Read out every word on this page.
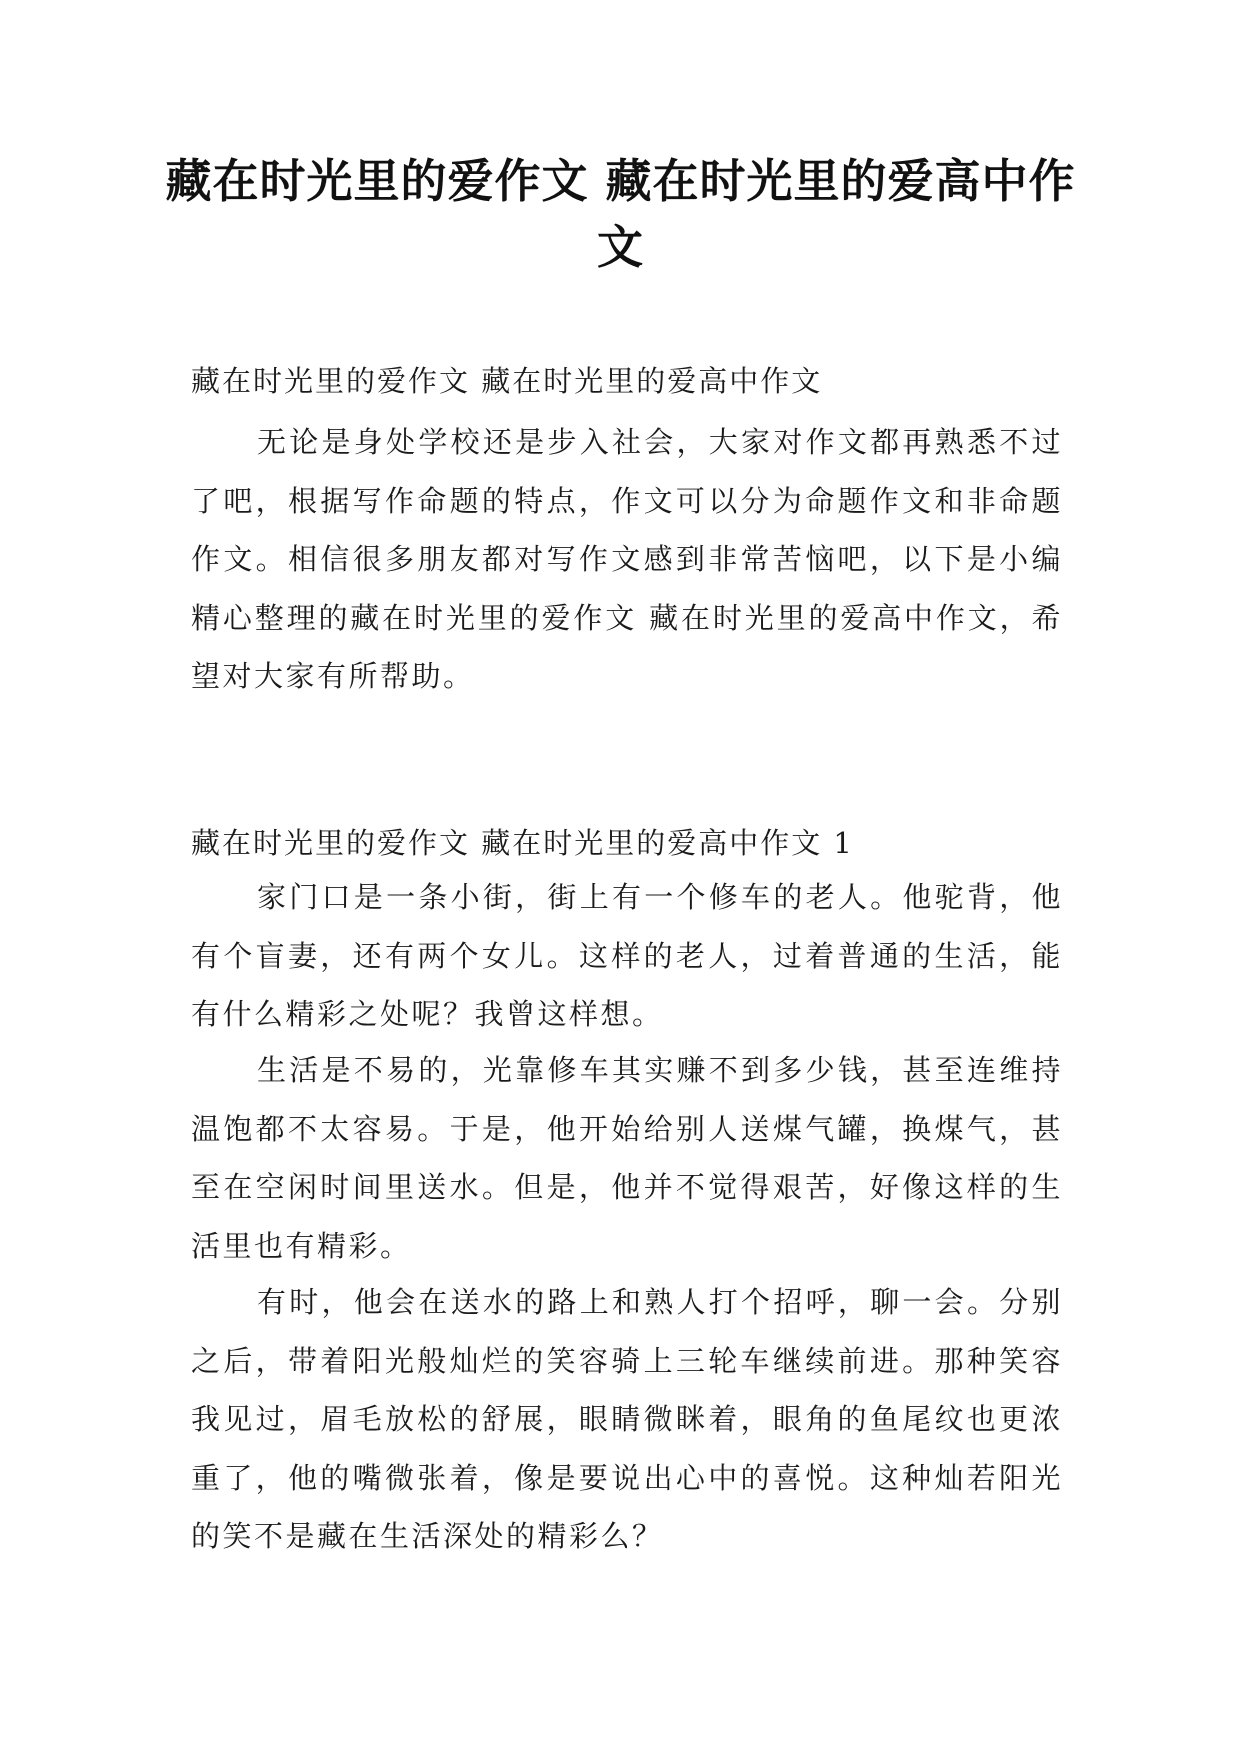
藏在时光里的爱作文 藏在时光里的爱高中作文
藏在时光里的爱作文 藏在时光里的爱高中作文

无论是身处学校还是步入社会，大家对作文都再熟悉不过了吧，根据写作命题的特点，作文可以分为命题作文和非命题作文。相信很多朋友都对写作文感到非常苦恼吧，以下是小编精心整理的藏在时光里的爱作文 藏在时光里的爱高中作文，希望对大家有所帮助。

藏在时光里的爱作文 藏在时光里的爱高中作文 1

家门口是一条小街，街上有一个修车的老人。他驼背，他有个盲妻，还有两个女儿。这样的老人，过着普通的生活，能有什么精彩之处呢？我曾这样想。

生活是不易的，光靠修车其实赚不到多少钱，甚至连维持温饱都不太容易。于是，他开始给别人送煤气罐，换煤气，甚至在空闲时间里送水。但是，他并不觉得艰苦，好像这样的生活里也有精彩。

有时，他会在送水的路上和熟人打个招呼，聊一会。分别之后，带着阳光般灿烂的笑容骑上三轮车继续前进。那种笑容我见过，眉毛放松的舒展，眼睛微眯着，眼角的鱼尾纹也更浓重了，他的嘴微张着，像是要说出心中的喜悦。这种灿若阳光的笑不是藏在生活深处的精彩么？
